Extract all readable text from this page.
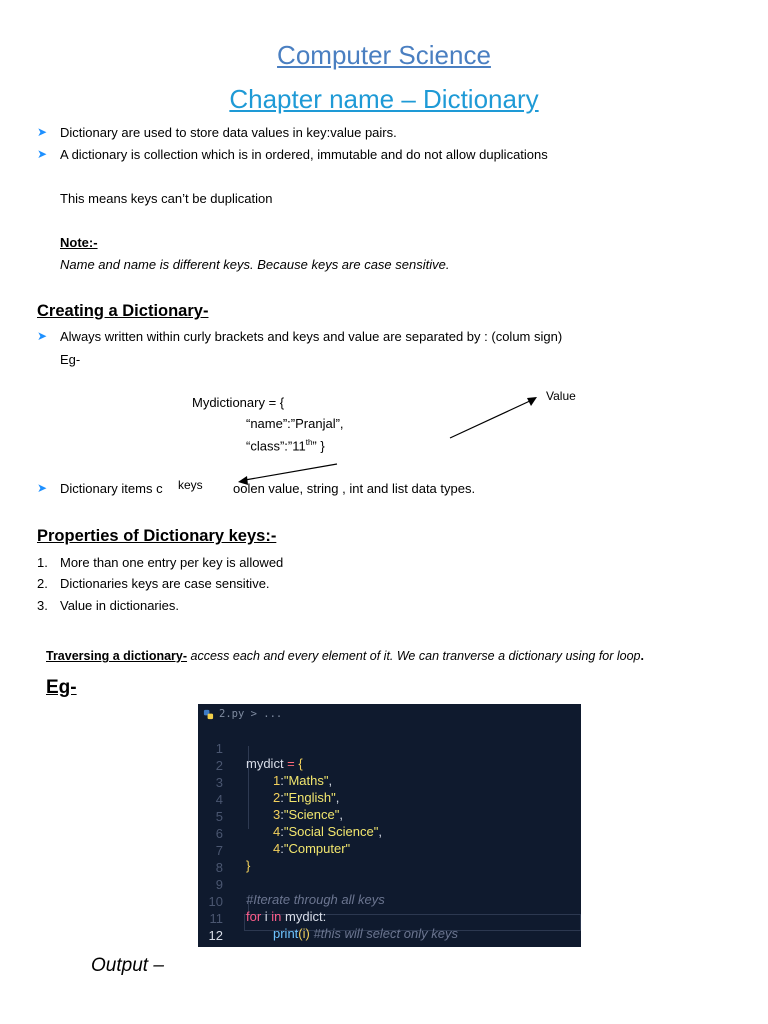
Computer Science
Chapter name – Dictionary
➤ Dictionary are used to store data values in key:value pairs.
➤ A dictionary is collection which is in ordered, immutable and do not allow duplications
This means keys can’t be duplication
Note:-
Name and name is different keys. Because keys are case sensitive.
Creating a Dictionary-
➤ Always written within curly brackets and keys and value are separated by : (colum sign)
Eg-
Mydictionary = {
“name”:”Pranjal”,
“class”:”11th” }
Value
➤ Dictionary items c keys	oolen value, string , int and list data types.
Properties of Dictionary keys:-
1. More than one entry per key is allowed
2. Dictionaries keys are case sensitive.
3. Value in dictionaries.
Traversing a dictionary- access each and every element of it. We can tranverse a dictionary using for loop.
Eg-
2.py > ...

1

mydict = {

2

1:"Maths",

3

2:"English",

4

3:"Science",

5

4:"Social Science",

6

4:"Computer"

7

}

8

9

#Iterate through all keys

10

for i in mydict:

11

print(i) #this will select only keys

12

Output –
